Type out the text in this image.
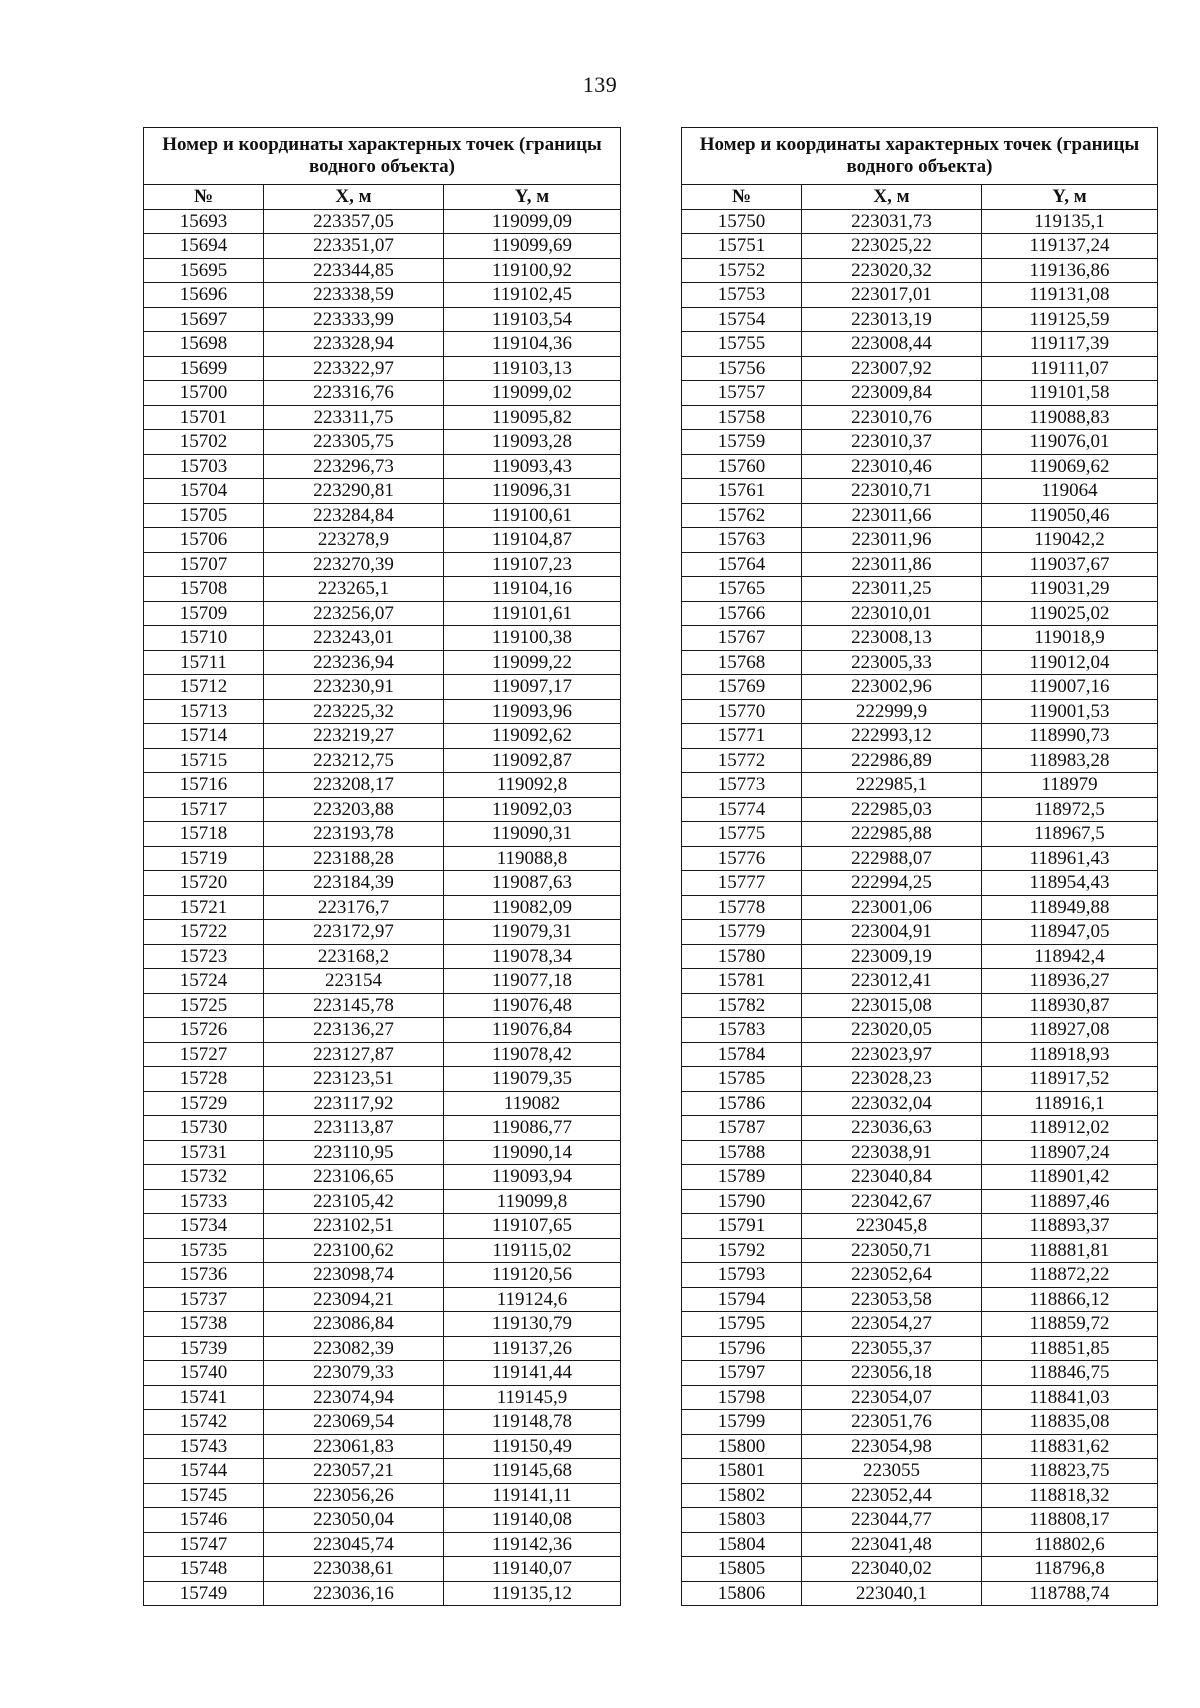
139
Номер и координаты характерных точек (границы водного объекта)		
№	X, м	Y, м
15693	223357,05	119099,09
15694	223351,07	119099,69
15695	223344,85	119100,92
15696	223338,59	119102,45
15697	223333,99	119103,54
15698	223328,94	119104,36
15699	223322,97	119103,13
15700	223316,76	119099,02
15701	223311,75	119095,82
15702	223305,75	119093,28
15703	223296,73	119093,43
15704	223290,81	119096,31
15705	223284,84	119100,61
15706	223278,9	119104,87
15707	223270,39	119107,23
15708	223265,1	119104,16
15709	223256,07	119101,61
15710	223243,01	119100,38
15711	223236,94	119099,22
15712	223230,91	119097,17
15713	223225,32	119093,96
15714	223219,27	119092,62
15715	223212,75	119092,87
15716	223208,17	119092,8
15717	223203,88	119092,03
15718	223193,78	119090,31
15719	223188,28	119088,8
15720	223184,39	119087,63
15721	223176,7	119082,09
15722	223172,97	119079,31
15723	223168,2	119078,34
15724	223154	119077,18
15725	223145,78	119076,48
15726	223136,27	119076,84
15727	223127,87	119078,42
15728	223123,51	119079,35
15729	223117,92	119082
15730	223113,87	119086,77
15731	223110,95	119090,14
15732	223106,65	119093,94
15733	223105,42	119099,8
15734	223102,51	119107,65
15735	223100,62	119115,02
15736	223098,74	119120,56
15737	223094,21	119124,6
15738	223086,84	119130,79
15739	223082,39	119137,26
15740	223079,33	119141,44
15741	223074,94	119145,9
15742	223069,54	119148,78
15743	223061,83	119150,49
15744	223057,21	119145,68
15745	223056,26	119141,11
15746	223050,04	119140,08
15747	223045,74	119142,36
15748	223038,61	119140,07
15749	223036,16	119135,12
Номер и координаты характерных точек (границы водного объекта)		
№	X, м	Y, м
15750	223031,73	119135,1
15751	223025,22	119137,24
15752	223020,32	119136,86
15753	223017,01	119131,08
15754	223013,19	119125,59
15755	223008,44	119117,39
15756	223007,92	119111,07
15757	223009,84	119101,58
15758	223010,76	119088,83
15759	223010,37	119076,01
15760	223010,46	119069,62
15761	223010,71	119064
15762	223011,66	119050,46
15763	223011,96	119042,2
15764	223011,86	119037,67
15765	223011,25	119031,29
15766	223010,01	119025,02
15767	223008,13	119018,9
15768	223005,33	119012,04
15769	223002,96	119007,16
15770	222999,9	119001,53
15771	222993,12	118990,73
15772	222986,89	118983,28
15773	222985,1	118979
15774	222985,03	118972,5
15775	222985,88	118967,5
15776	222988,07	118961,43
15777	222994,25	118954,43
15778	223001,06	118949,88
15779	223004,91	118947,05
15780	223009,19	118942,4
15781	223012,41	118936,27
15782	223015,08	118930,87
15783	223020,05	118927,08
15784	223023,97	118918,93
15785	223028,23	118917,52
15786	223032,04	118916,1
15787	223036,63	118912,02
15788	223038,91	118907,24
15789	223040,84	118901,42
15790	223042,67	118897,46
15791	223045,8	118893,37
15792	223050,71	118881,81
15793	223052,64	118872,22
15794	223053,58	118866,12
15795	223054,27	118859,72
15796	223055,37	118851,85
15797	223056,18	118846,75
15798	223054,07	118841,03
15799	223051,76	118835,08
15800	223054,98	118831,62
15801	223055	118823,75
15802	223052,44	118818,32
15803	223044,77	118808,17
15804	223041,48	118802,6
15805	223040,02	118796,8
15806	223040,1	118788,74
